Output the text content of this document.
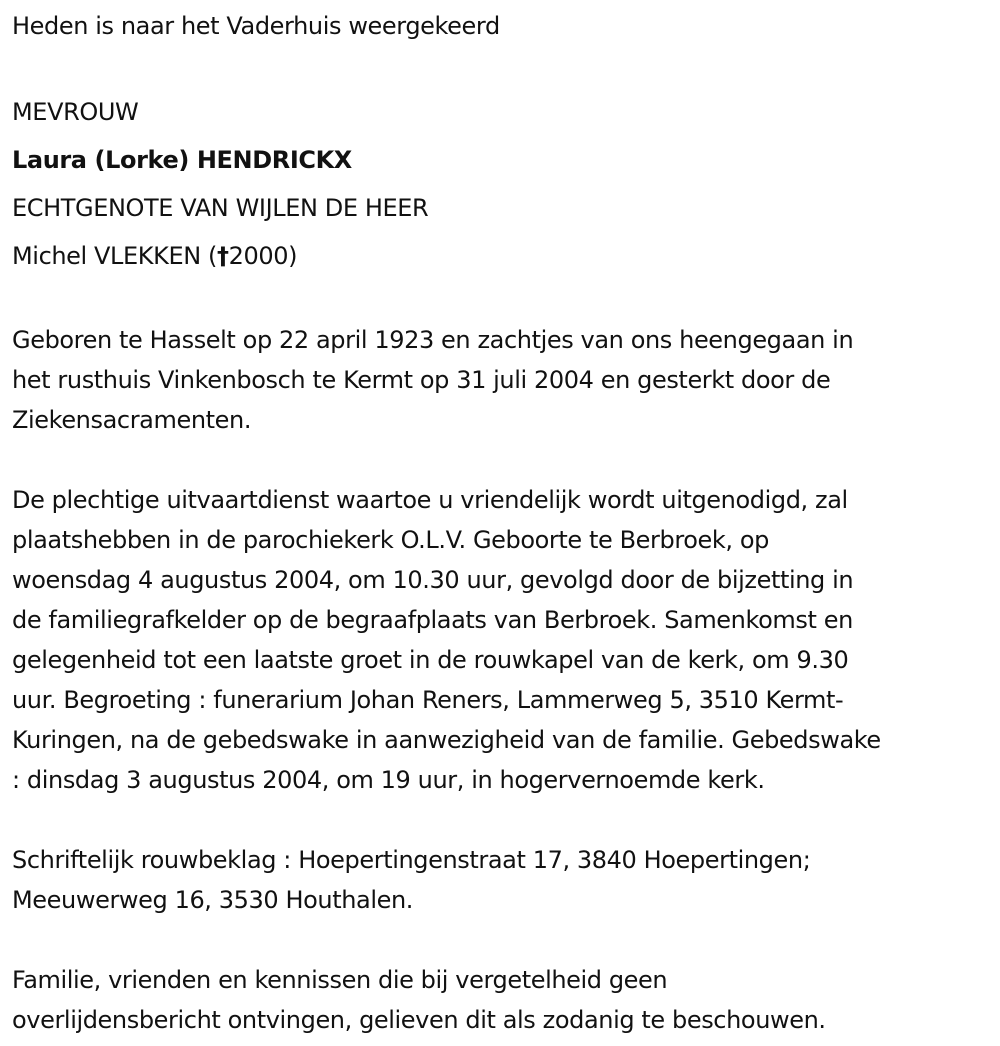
Heden is naar het Vaderhuis weergekeerd
MEVROUW
Laura (Lorke) HENDRICKX
ECHTGENOTE VAN WIJLEN DE HEER
Michel VLEKKEN (†2000)

Geboren te Hasselt op 22 april 1923 en zachtjes van ons heengegaan in
het rusthuis Vinkenbosch te Kermt op 31 juli 2004 en gesterkt door de
Ziekensacramenten.

De plechtige uitvaartdienst waartoe u vriendelijk wordt uitgenodigd, zal
plaatshebben in de parochiekerk O.L.V. Geboorte te Berbroek, op
woensdag 4 augustus 2004, om 10.30 uur, gevolgd door de bijzetting in
de familiegrafkelder op de begraafplaats van Berbroek. Samenkomst en
gelegenheid tot een laatste groet in de rouwkapel van de kerk, om 9.30
uur. Begroeting : funerarium Johan Reners, Lammerweg 5, 3510 Kermt-
Kuringen, na de gebedswake in aanwezigheid van de familie. Gebedswake
: dinsdag 3 augustus 2004, om 19 uur, in hogervernoemde kerk.

Schriftelijk rouwbeklag : Hoepertingenstraat 17, 3840 Hoepertingen;
Meeuwerweg 16, 3530 Houthalen.

Familie, vrienden en kennissen die bij vergetelheid geen
overlijdensbericht ontvingen, gelieven dit als zodanig te beschouwen.
